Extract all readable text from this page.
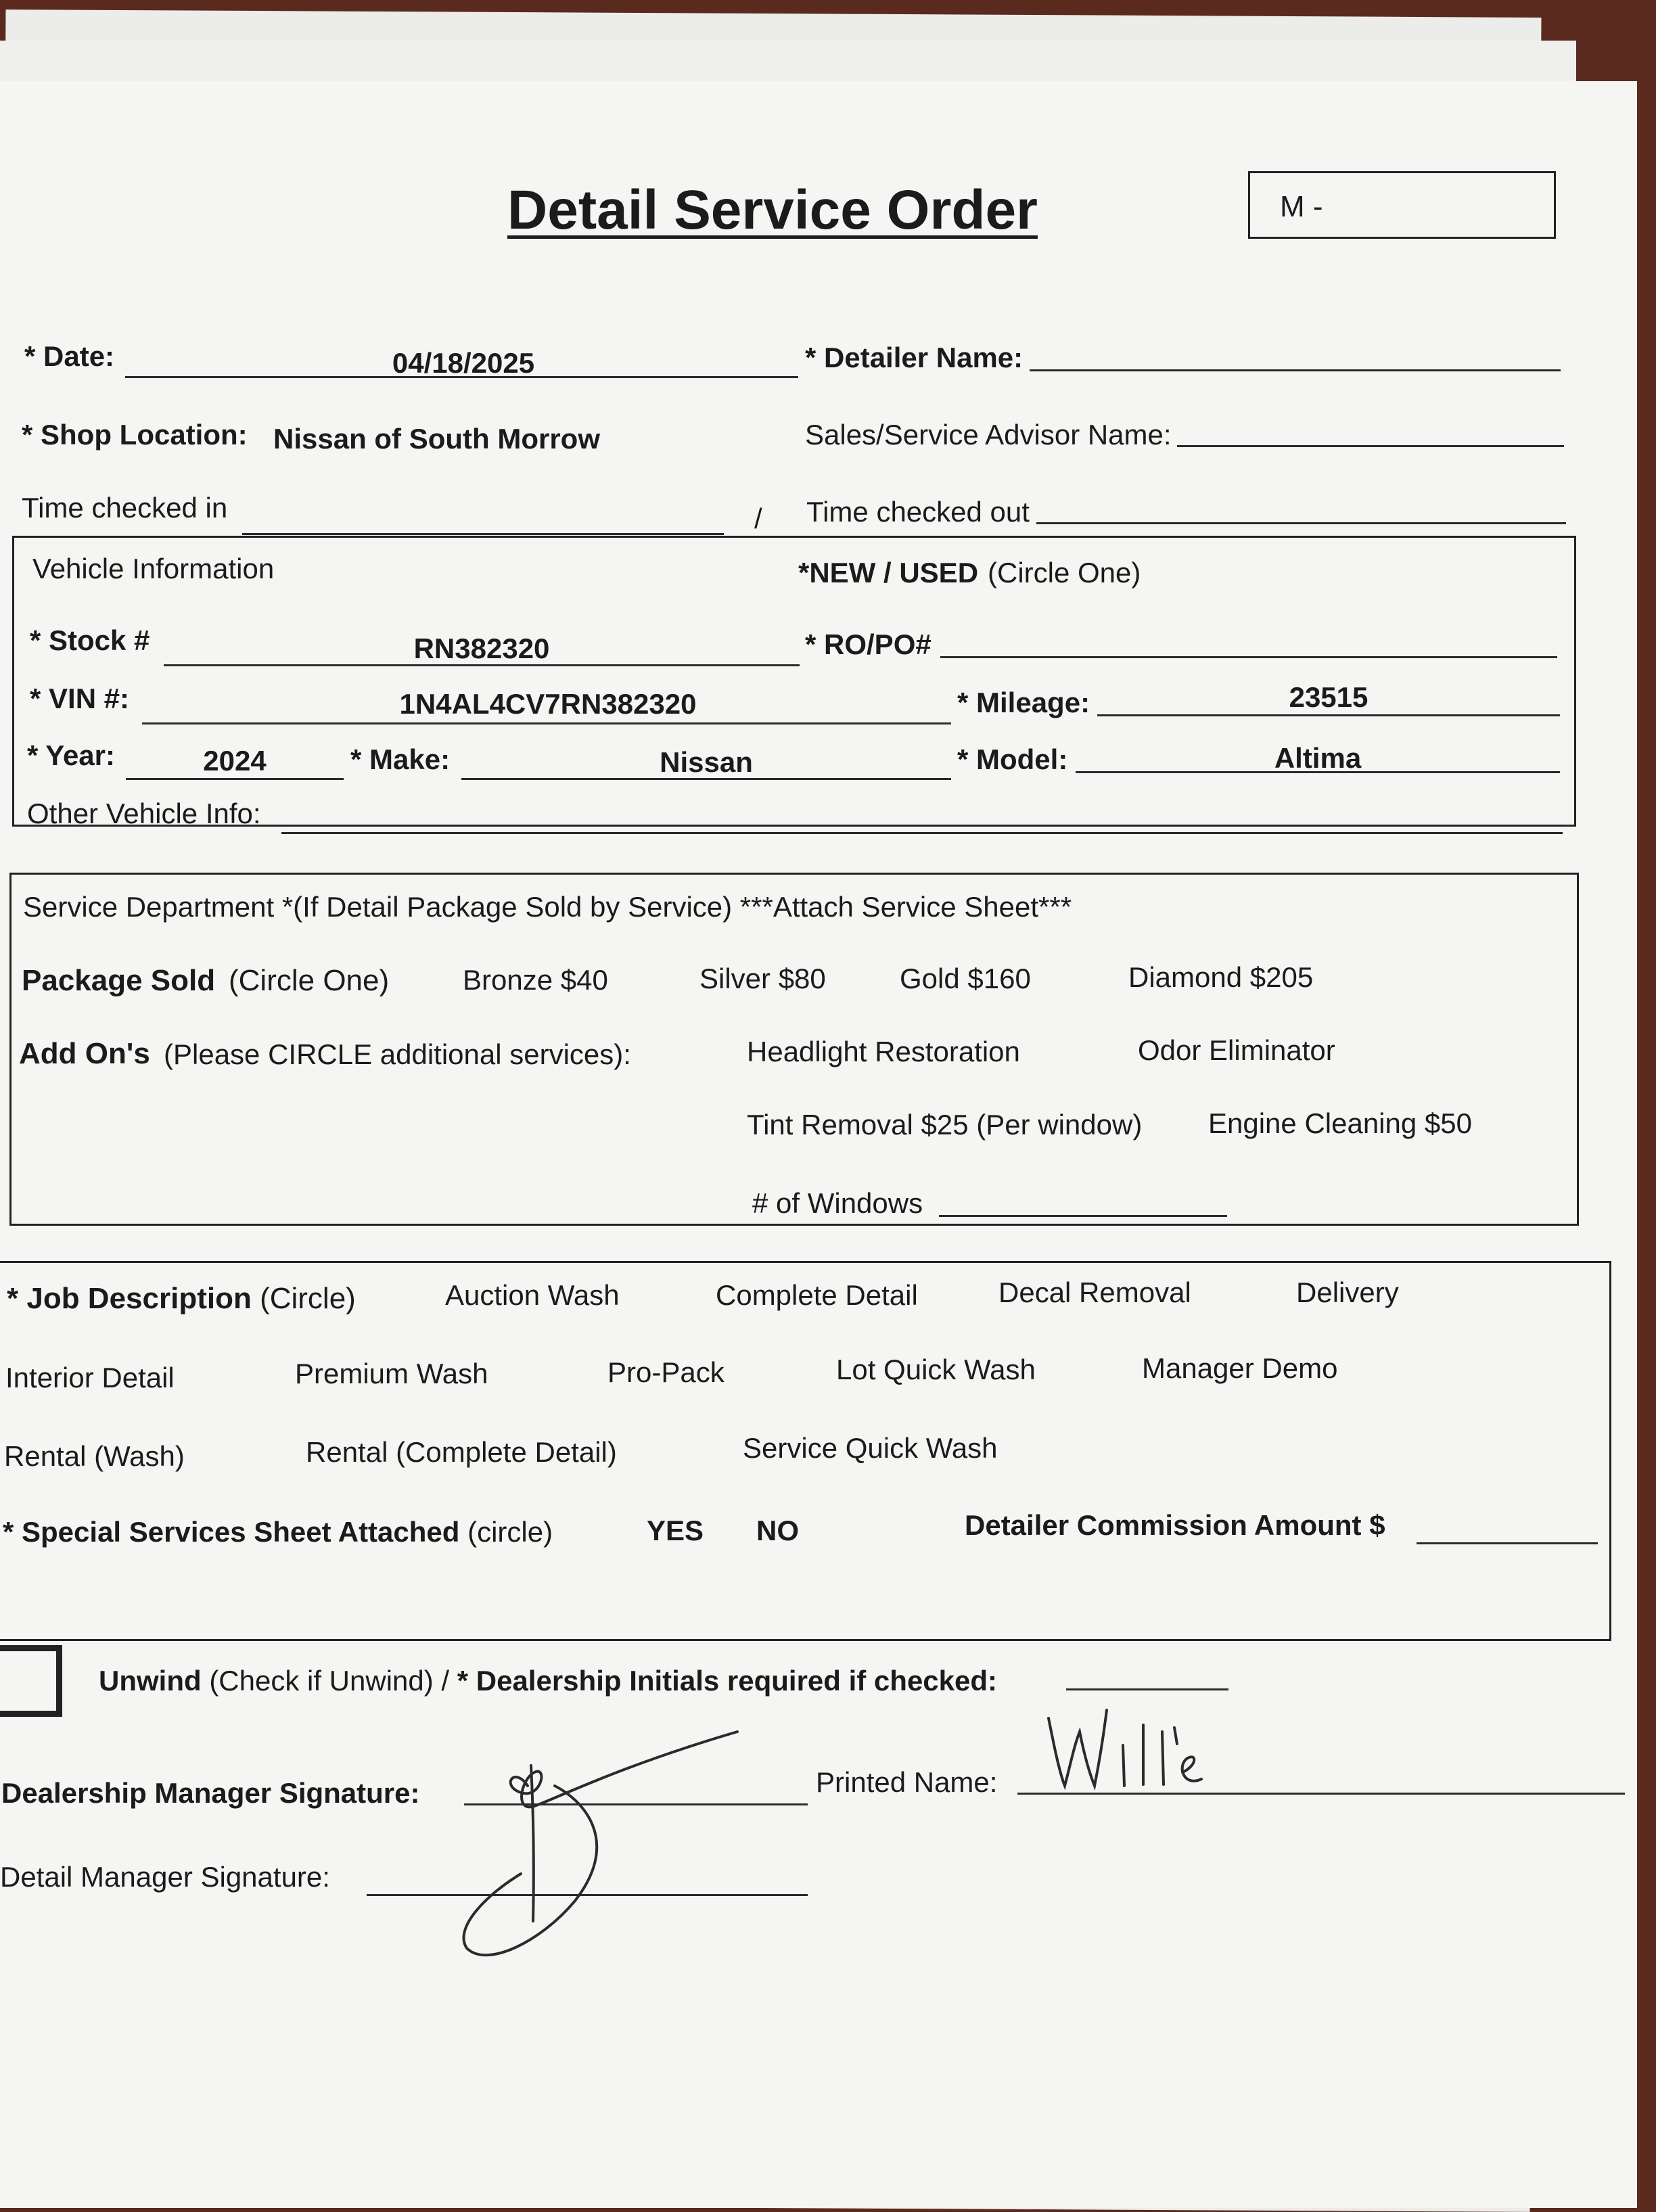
Detail Service Order	M -
* Date:	04/18/2025	* Detailer Name:
* Shop Location: Nissan of South Morrow	Sales/Service Advisor Name:
Time checked in	/ Time checked out
Vehicle Information	*NEW / USED (Circle One)
* Stock #	RN382320	* RO/PO#
* VIN #:	1N4AL4CV7RN382320	* Mileage:	23515
* Year:	2024	* Make:	Nissan	* Model:	Altima
Other Vehicle Info:
Service Department *(If Detail Package Sold by Service) ***Attach Service Sheet***
Package Sold (Circle One)	Bronze $40	Silver $80	Gold $160	Diamond $205
Add On's (Please CIRCLE additional services):	Headlight Restoration	Odor Eliminator
Tint Removal $25 (Per window) Engine Cleaning $50
# of Windows
* Job Description (Circle)	Auction Wash	Complete Detail	Decal Removal	Delivery
Interior Detail	Premium Wash	Pro-Pack	Lot Quick Wash	Manager Demo
Rental (Wash)	Rental (Complete Detail)	Service Quick Wash
* Special Services Sheet Attached (circle)	YES NO	Detailer Commission Amount $
Unwind (Check if Unwind) / * Dealership Initials required if checked:
Dealership Manager Signature:	Printed Name:
Detail Manager Signature:
